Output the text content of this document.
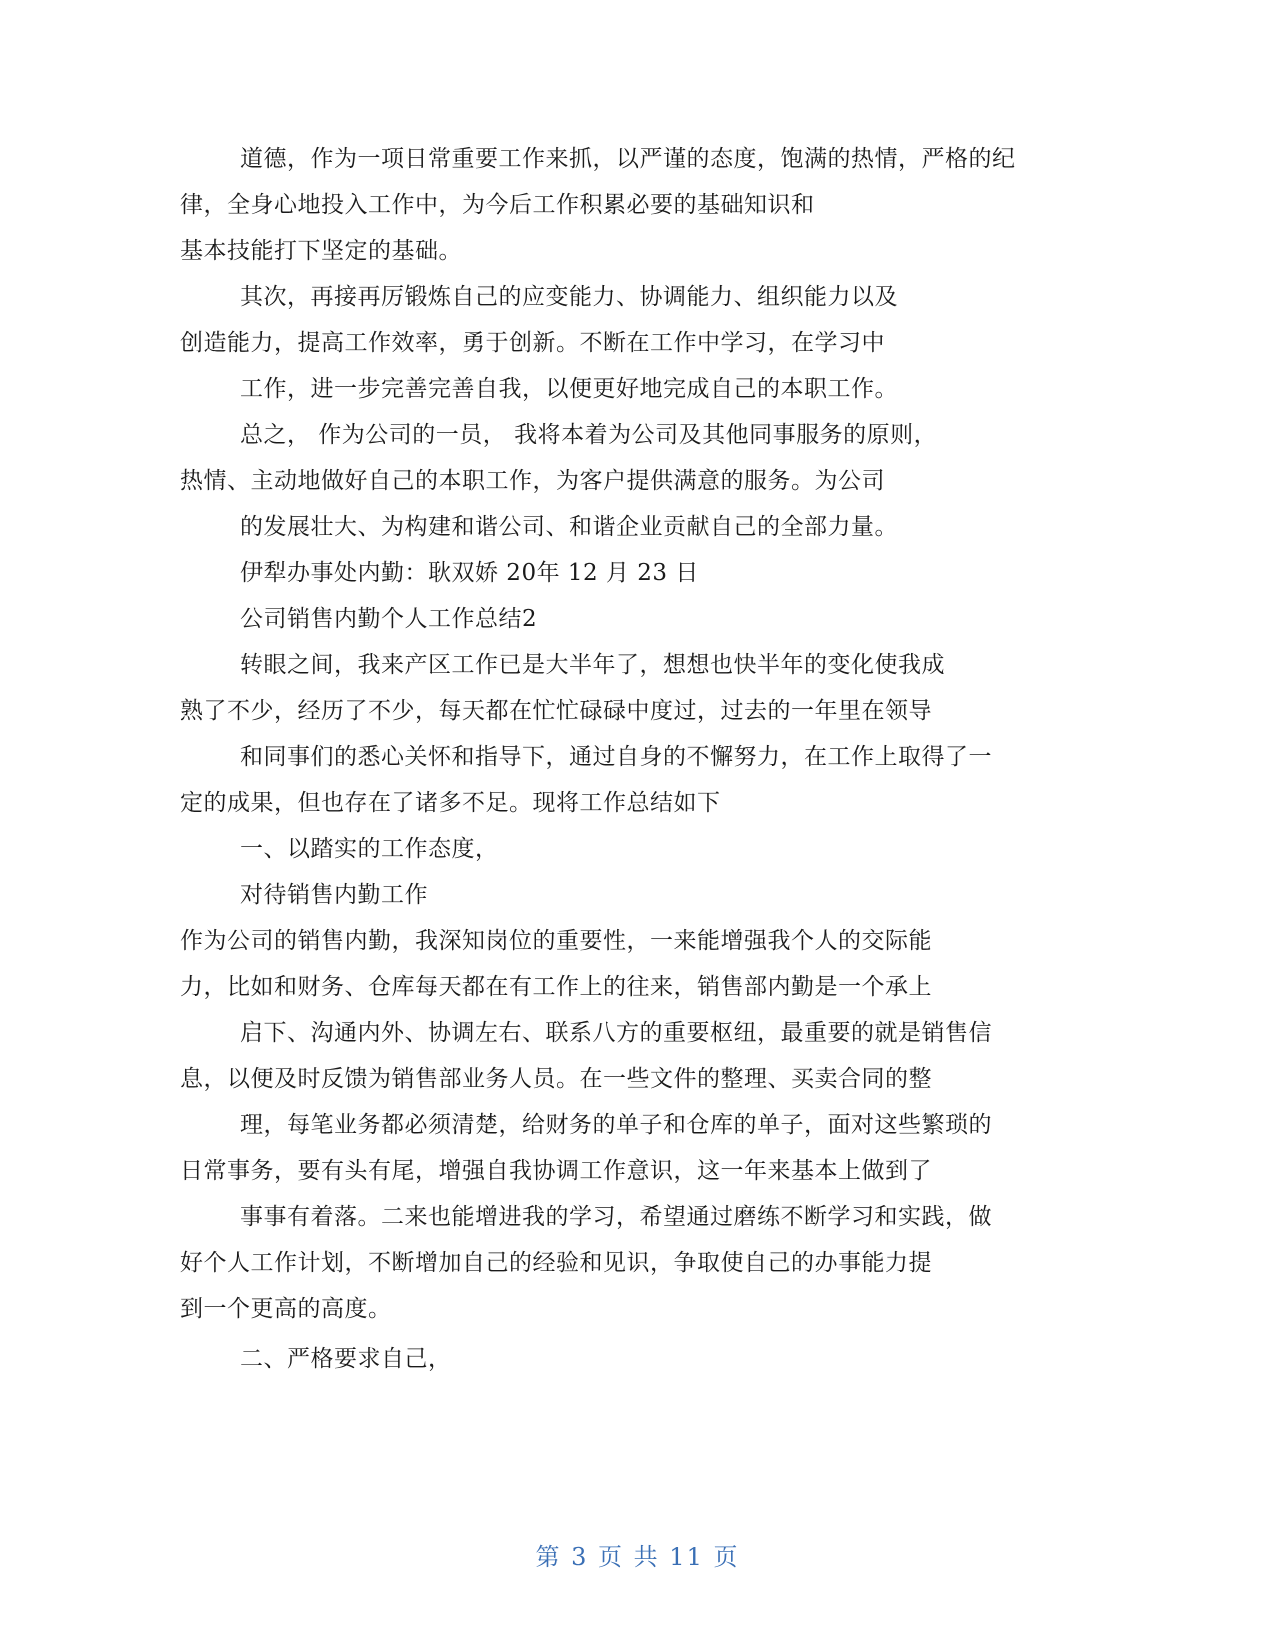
道德，作为一项日常重要工作来抓，以严谨的态度，饱满的热情，严格的纪
律，全身心地投入工作中，为今后工作积累必要的基础知识和
基本技能打下坚定的基础。
其次，再接再厉锻炼自己的应变能力、协调能力、组织能力以及
创造能力，提高工作效率，勇于创新。不断在工作中学习，在学习中
工作，进一步完善完善自我，以便更好地完成自己的本职工作。
总之， 作为公司的一员， 我将本着为公司及其他同事服务的原则，
热情、主动地做好自己的本职工作，为客户提供满意的服务。为公司
的发展壮大、为构建和谐公司、和谐企业贡献自己的全部力量。
伊犁办事处内勤：耿双娇 20年 12 月 23 日
公司销售内勤个人工作总结2
转眼之间，我来产区工作已是大半年了，想想也快半年的变化使我成
熟了不少，经历了不少，每天都在忙忙碌碌中度过，过去的一年里在领导
和同事们的悉心关怀和指导下，通过自身的不懈努力，在工作上取得了一
定的成果，但也存在了诸多不足。现将工作总结如下
一、以踏实的工作态度，
对待销售内勤工作
作为公司的销售内勤，我深知岗位的重要性，一来能增强我个人的交际能
力，比如和财务、仓库每天都在有工作上的往来，销售部内勤是一个承上
启下、沟通内外、协调左右、联系八方的重要枢纽，最重要的就是销售信
息，以便及时反馈为销售部业务人员。在一些文件的整理、买卖合同的整
理，每笔业务都必须清楚，给财务的单子和仓库的单子，面对这些繁琐的
日常事务，要有头有尾，增强自我协调工作意识，这一年来基本上做到了
事事有着落。二来也能增进我的学习，希望通过磨练不断学习和实践，做
好个人工作计划，不断增加自己的经验和见识，争取使自己的办事能力提
到一个更高的高度。
二、严格要求自己，
第 3 页 共 11 页
